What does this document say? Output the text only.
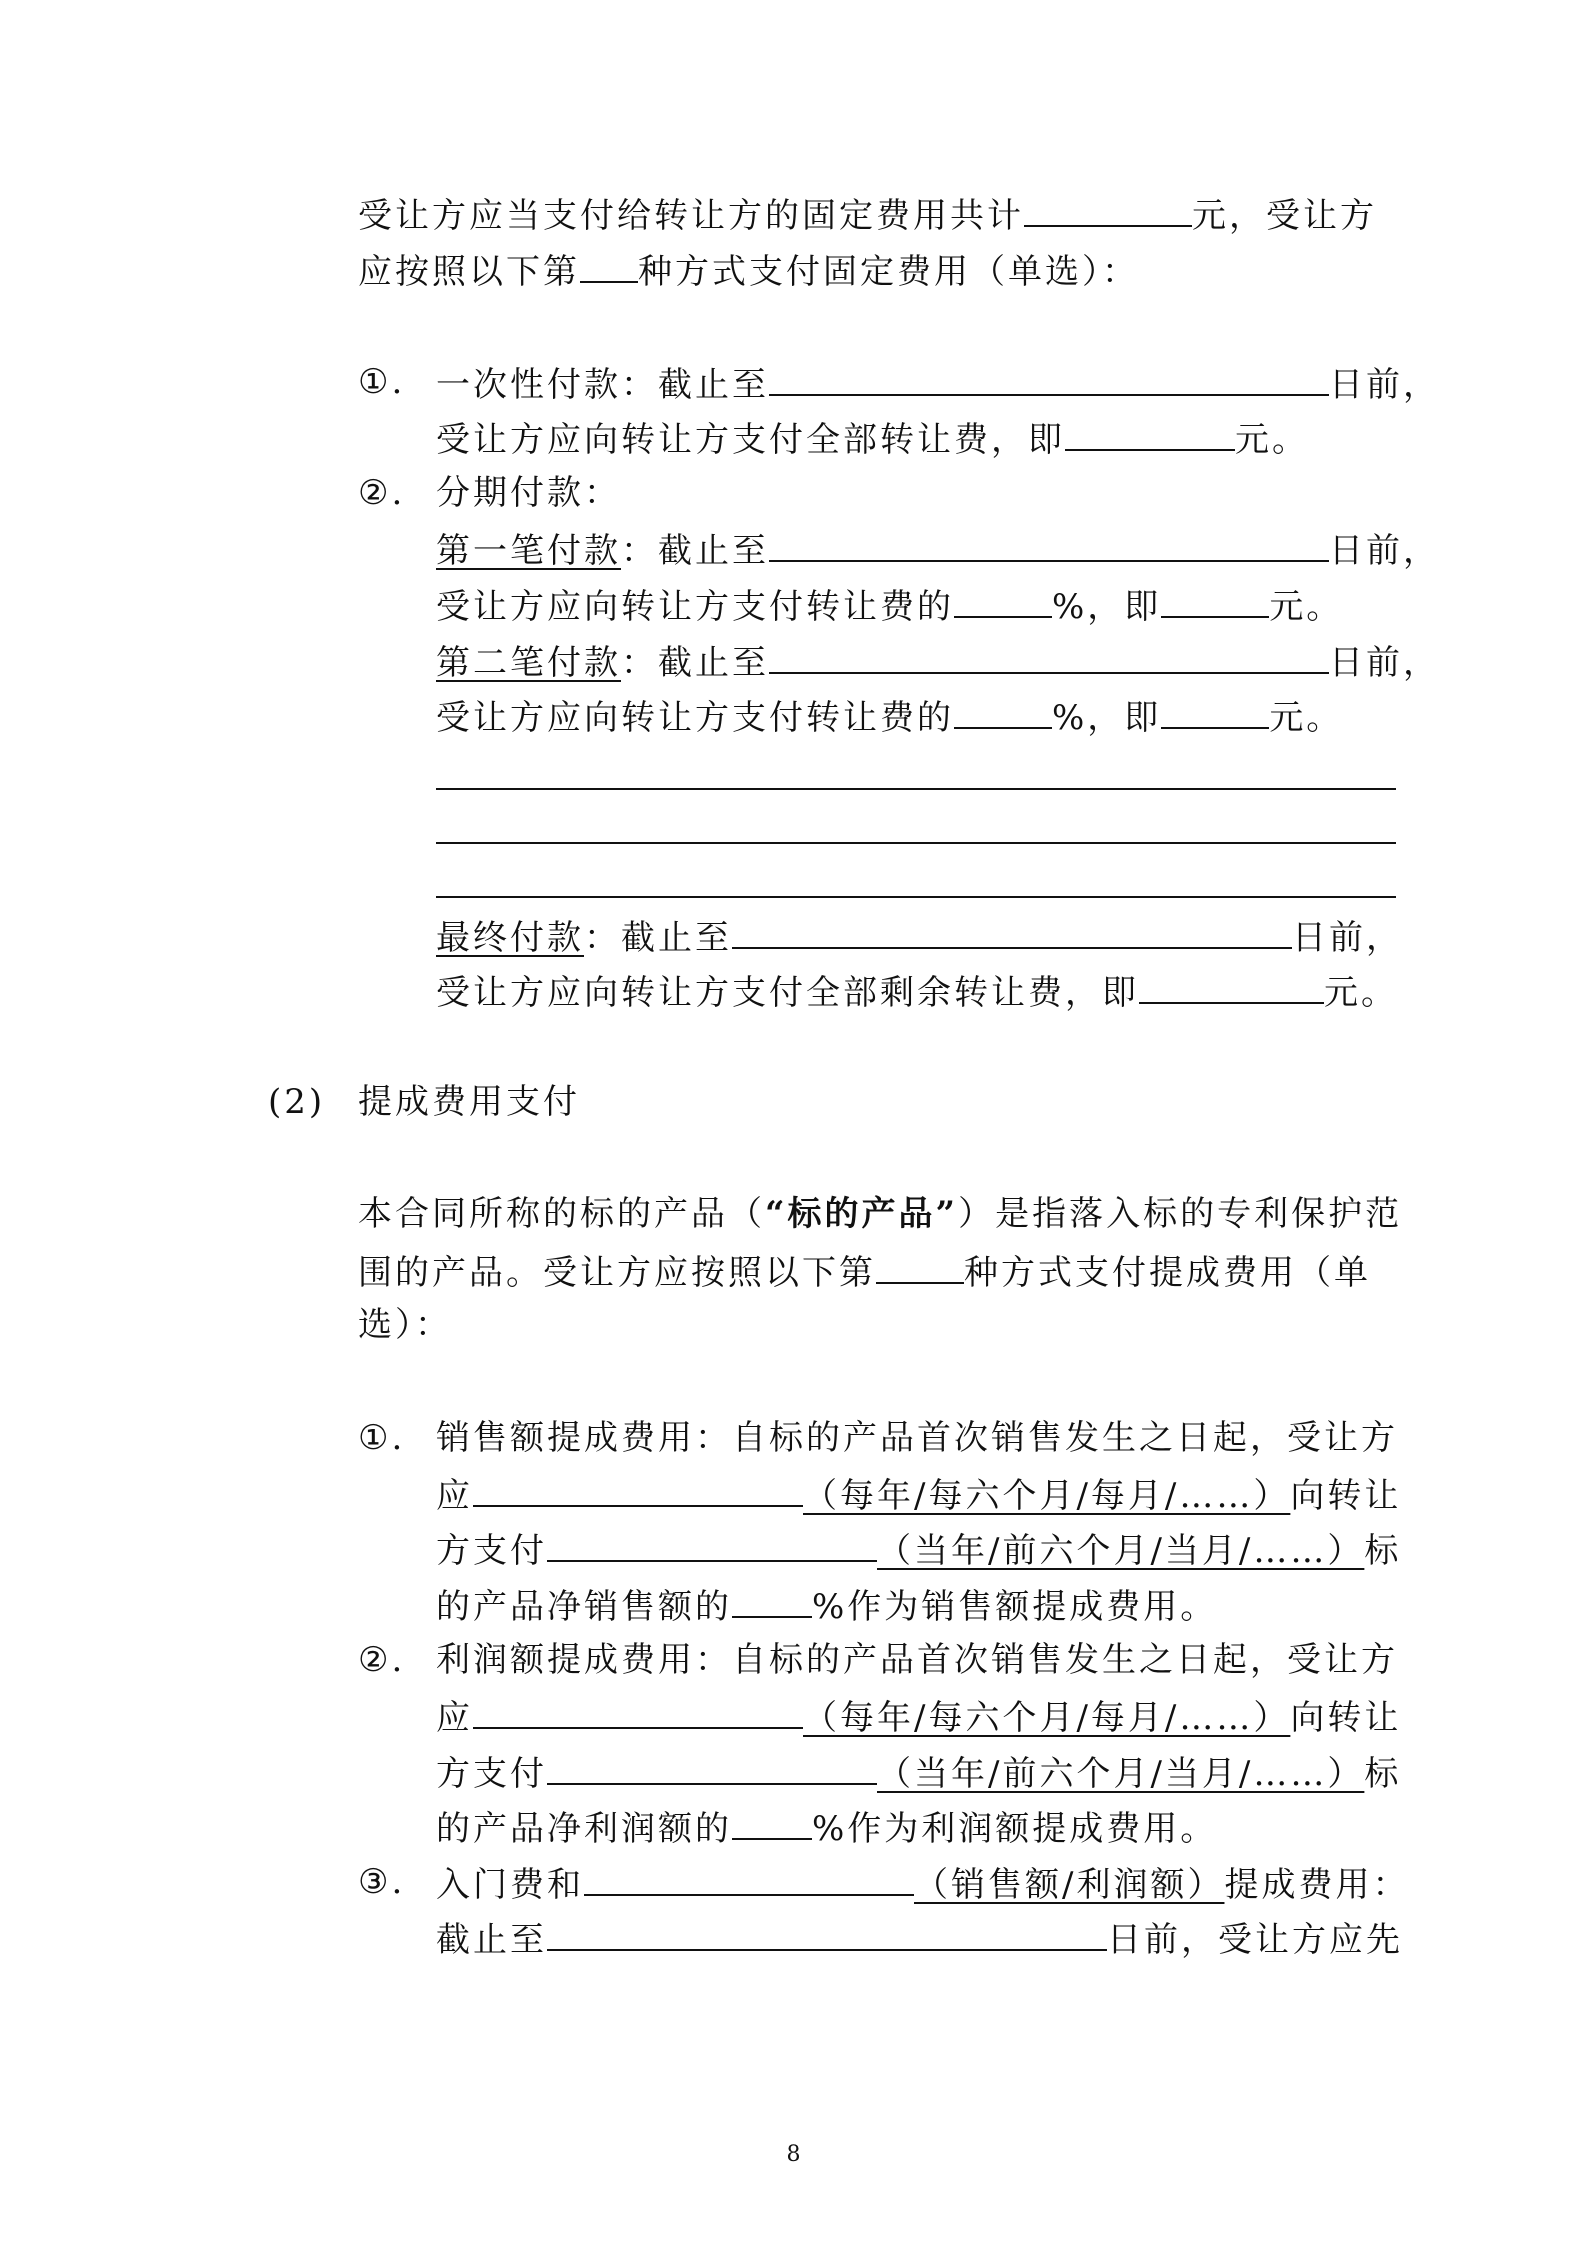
受让方应当支付给转让方的固定费用共计	元，受让方
应按照以下第 种方式支付固定费用（单选）：
①. 一次性付款：截止至	日前，
受让方应向转让方支付全部转让费，即	元。
②. 分期付款：
第一笔付款：截止至	日前，
受让方应向转让方支付转让费的	%，即	元。
第二笔付款：截止至	日前，
受让方应向转让方支付转让费的	%，即	元。
最终付款：截止至	日前，
受让方应向转让方支付全部剩余转让费，即	元。
(2) 提成费用支付
本合同所称的标的产品（“标的产品”）是指落入标的专利保护范
围的产品。受让方应按照以下第	种方式支付提成费用（单
选）：
①. 销售额提成费用：自标的产品首次销售发生之日起，受让方
应	（每年/每六个月/每月/……）向转让
方支付	（当年/前六个月/当月/……）标
的产品净销售额的 %作为销售额提成费用。
②. 利润额提成费用：自标的产品首次销售发生之日起，受让方
应	（每年/每六个月/每月/……）向转让
方支付	（当年/前六个月/当月/……）标
的产品净利润额的 %作为利润额提成费用。
③. 入门费和	（销售额/利润额）提成费用：
截止至	日前，受让方应先
8
